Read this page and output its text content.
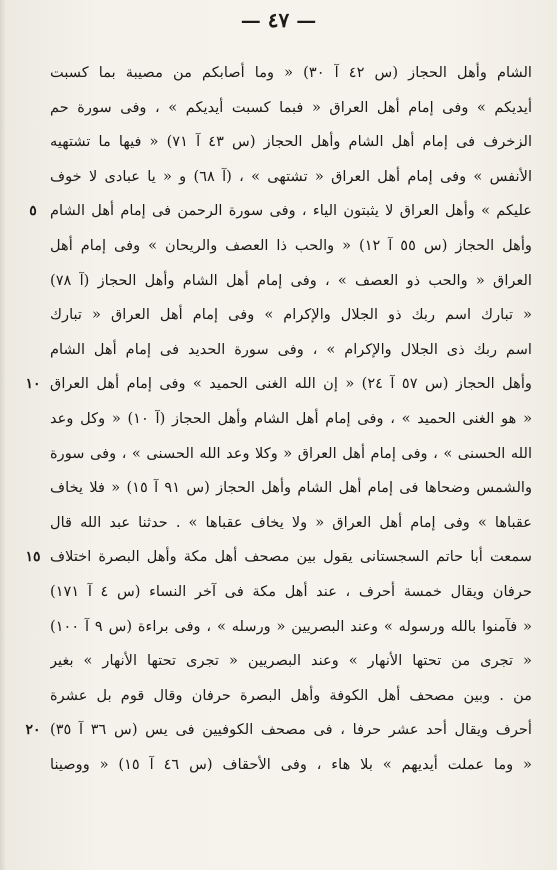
— ٤٧ —
الشام وأهل الحجاز (س ٤٢ آ ٣٠) « وما أصابكم من مصيبة بما كسبت
أيديكم » وفى إمام أهل العراق « فبما كسبت أيديكم » ، وفى سورة حم
الزخرف فى إمام أهل الشام وأهل الحجاز (س ٤٣ آ ٧١) « فيها ما تشتهيه
الأنفس » وفى إمام أهل العراق « تشتهى » ، (آ ٦٨) و « يا عبادى لا خوف
عليكم » وأهل العراق لا يثبتون الياء ، وفى سورة الرحمن فى إمام أهل الشام
وأهل الحجاز (س ٥٥ آ ١٢) « والحب ذا العصف والريحان » وفى إمام أهل
العراق « والحب ذو العصف » ، وفى إمام أهل الشام وأهل الحجاز (آ ٧٨)
« تبارك اسم ربك ذو الجلال والإكرام » وفى إمام أهل العراق « تبارك
اسم ربك ذى الجلال والإكرام » ، وفى سورة الحديد فى إمام أهل الشام
وأهل الحجاز (س ٥٧ آ ٢٤) « إن الله الغنى الحميد » وفى إمام أهل العراق
« هو الغنى الحميد » ، وفى إمام أهل الشام وأهل الحجاز (آ ١٠) « وكل وعد
الله الحسنى » ، وفى إمام أهل العراق « وكلا وعد الله الحسنى » ، وفى سورة
والشمس وضحاها فى إمام أهل الشام وأهل الحجاز (س ٩١ آ ١٥) « فلا يخاف
عقباها » وفى إمام أهل العراق « ولا يخاف عقباها » . حدثنا عبد الله قال
سمعت أبا حاتم السجستانى يقول بين مصحف أهل مكة وأهل البصرة اختلاف
حرفان ويقال خمسة أحرف ، عند أهل مكة فى آخر النساء (س ٤ آ ١٧١)
« فآمنوا بالله ورسوله » وعند البصريين « ورسله » ، وفى براءة (س ٩ آ ١٠٠)
« تجرى من تحتها الأنهار » وعند البصريين « تجرى تحتها الأنهار » بغير
من . وبين مصحف أهل الكوفة وأهل البصرة حرفان وقال قوم بل عشرة
أحرف ويقال أحد عشر حرفا ، فى مصحف الكوفيين فى يس (س ٣٦ آ ٣٥)
« وما عملت أيديهم » بلا هاء ، وفى الأحقاف (س ٤٦ آ ١٥) « ووصينا
٥
١٠
١٥
٢٠
